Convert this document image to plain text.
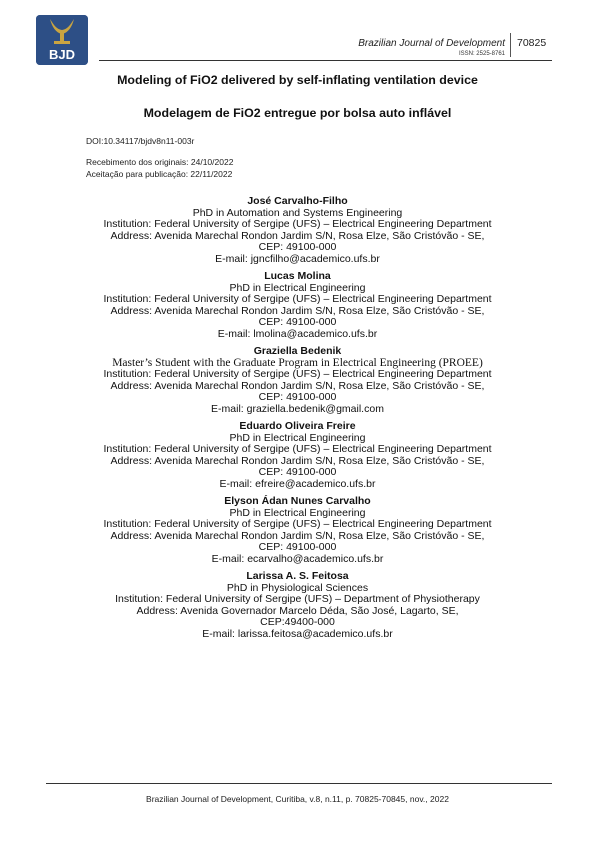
BJD
Brazilian Journal of Development
ISSN: 2525-8761
70825
Modeling of FiO2 delivered by self-inflating ventilation device
Modelagem de FiO2 entregue por bolsa auto inflável
DOI:10.34117/bjdv8n11-003r
Recebimento dos originais: 24/10/2022
Aceitação para publicação: 22/11/2022
José Carvalho-Filho
PhD in Automation and Systems Engineering
Institution: Federal University of Sergipe (UFS) – Electrical Engineering Department
Address: Avenida Marechal Rondon Jardim S/N, Rosa Elze, São Cristóvão - SE,
CEP: 49100-000
E-mail: jgncfilho@academico.ufs.br
Lucas Molina
PhD in Electrical Engineering
Institution: Federal University of Sergipe (UFS) – Electrical Engineering Department
Address: Avenida Marechal Rondon Jardim S/N, Rosa Elze, São Cristóvão - SE,
CEP: 49100-000
E-mail: lmolina@academico.ufs.br
Graziella Bedenik
Master’s Student with the Graduate Program in Electrical Engineering (PROEE)
Institution: Federal University of Sergipe (UFS) – Electrical Engineering Department
Address: Avenida Marechal Rondon Jardim S/N, Rosa Elze, São Cristóvão - SE,
CEP: 49100-000
E-mail: graziella.bedenik@gmail.com
Eduardo Oliveira Freire
PhD in Electrical Engineering
Institution: Federal University of Sergipe (UFS) – Electrical Engineering Department
Address: Avenida Marechal Rondon Jardim S/N, Rosa Elze, São Cristóvão - SE,
CEP: 49100-000
E-mail: efreire@academico.ufs.br
Elyson Ádan Nunes Carvalho
PhD in Electrical Engineering
Institution: Federal University of Sergipe (UFS) – Electrical Engineering Department
Address: Avenida Marechal Rondon Jardim S/N, Rosa Elze, São Cristóvão - SE,
CEP: 49100-000
E-mail: ecarvalho@academico.ufs.br
Larissa A. S. Feitosa
PhD in Physiological Sciences
Institution: Federal University of Sergipe (UFS) – Department of Physiotherapy
Address: Avenida Governador Marcelo Déda, São José, Lagarto, SE,
CEP:49400-000
E-mail: larissa.feitosa@academico.ufs.br
Brazilian Journal of Development, Curitiba, v.8, n.11, p. 70825-70845, nov., 2022
